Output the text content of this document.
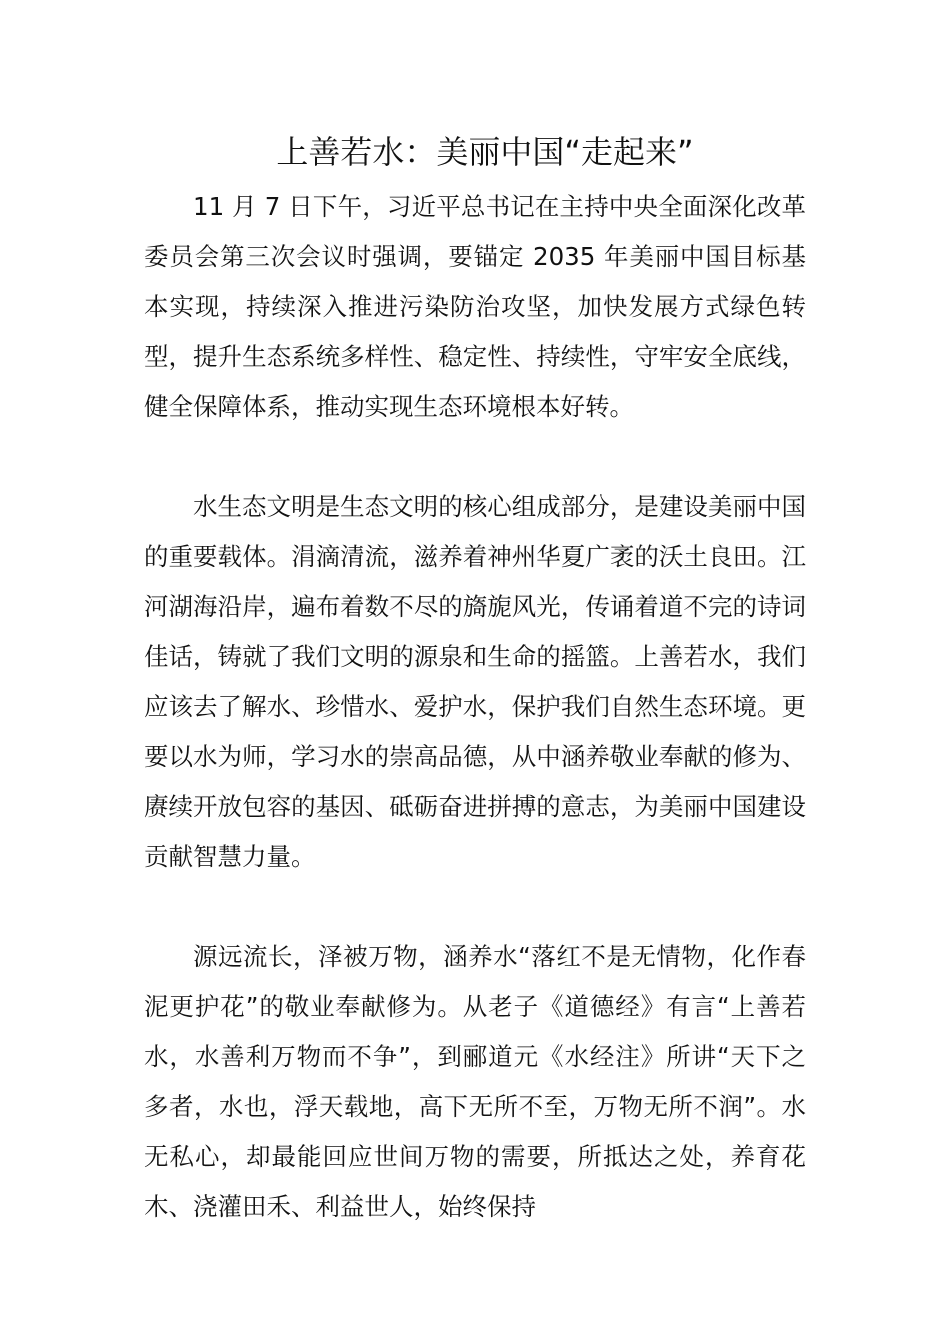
上善若水：美丽中国“走起来”

11 月 7 日下午，习近平总书记在主持中央全面深化改革委员会第三次会议时强调，要锚定 2035 年美丽中国目标基本实现，持续深入推进污染防治攻坚，加快发展方式绿色转型，提升生态系统多样性、稳定性、持续性，守牢安全底线，健全保障体系，推动实现生态环境根本好转。

水生态文明是生态文明的核心组成部分，是建设美丽中国的重要载体。涓滴清流，滋养着神州华夏广袤的沃土良田。江河湖海沿岸，遍布着数不尽的旖旎风光，传诵着道不完的诗词佳话，铸就了我们文明的源泉和生命的摇篮。上善若水，我们应该去了解水、珍惜水、爱护水，保护我们自然生态环境。更要以水为师，学习水的崇高品德，从中涵养敬业奉献的修为、赓续开放包容的基因、砥砺奋进拼搏的意志，为美丽中国建设贡献智慧力量。

源远流长，泽被万物，涵养水“落红不是无情物，化作春泥更护花”的敬业奉献修为。从老子《道德经》有言“上善若水，水善利万物而不争”，到郦道元《水经注》所讲“天下之多者，水也，浮天载地，高下无所不至，万物无所不润”。水无私心，却最能回应世间万物的需要，所抵达之处，养育花木、浇灌田禾、利益世人，始终保持
